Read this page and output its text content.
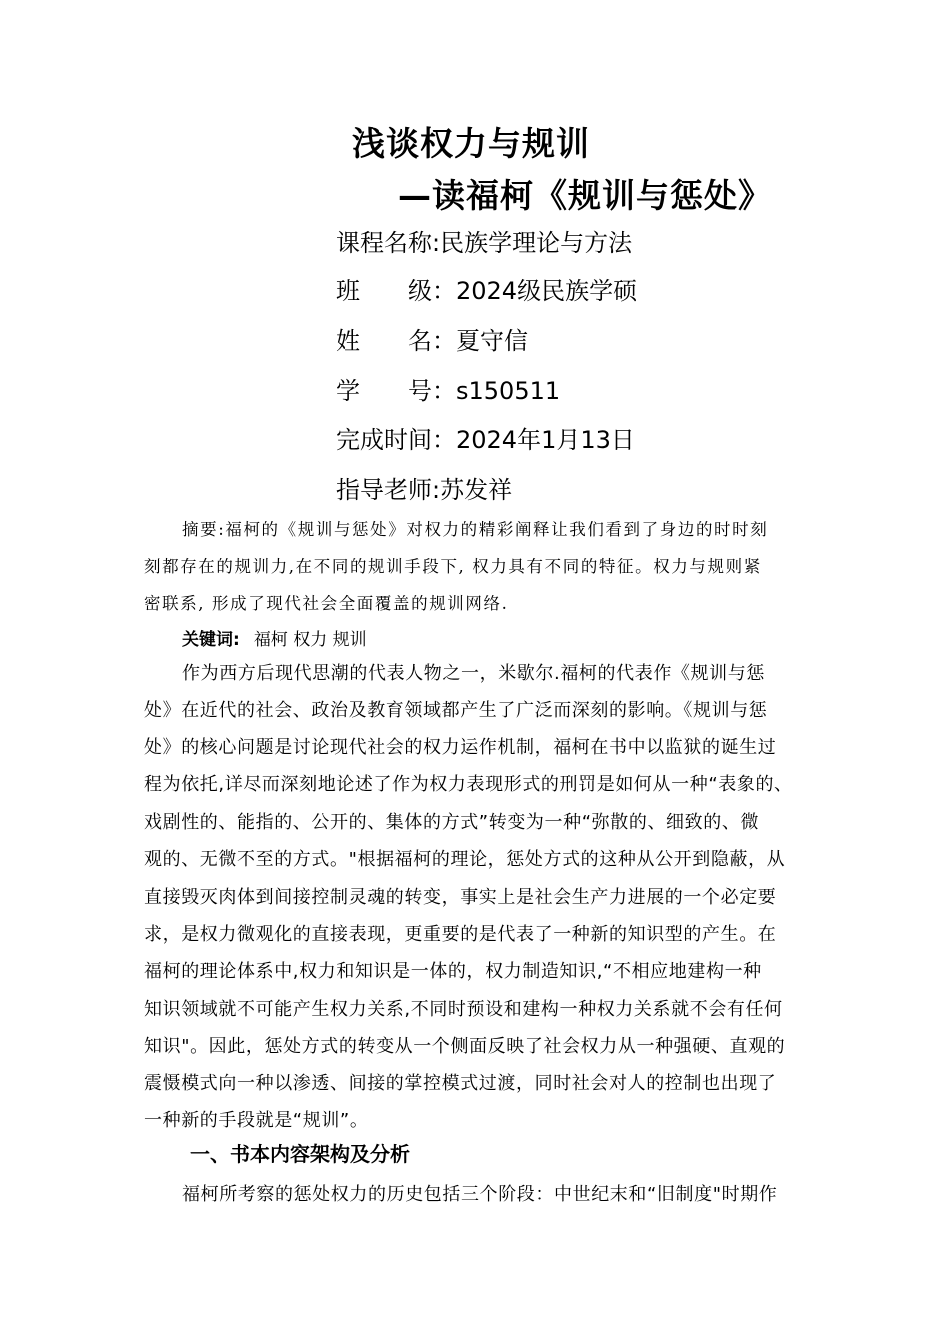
浅谈权力与规训
—读福柯《规训与惩处》
课程名称:民族学理论与方法
班　　级：2024级民族学硕
姓　　名：夏守信
学　　号：s150511
完成时间：2024年1月13日
指导老师:苏发祥
摘要:福柯的《规训与惩处》对权力的精彩阐释让我们看到了身边的时时刻
刻都存在的规训力,在不同的规训手段下, 权力具有不同的特征。权力与规则紧
密联系, 形成了现代社会全面覆盖的规训网络.
关键词: 福柯 权力 规训
作为西方后现代思潮的代表人物之一，米歇尔.福柯的代表作《规训与惩
处》在近代的社会、政治及教育领域都产生了广泛而深刻的影响。《规训与惩
处》的核心问题是讨论现代社会的权力运作机制，福柯在书中以监狱的诞生过
程为依托,详尽而深刻地论述了作为权力表现形式的刑罚是如何从一种“表象的、
戏剧性的、能指的、公开的、集体的方式”转变为一种“弥散的、细致的、微
观的、无微不至的方式。"根据福柯的理论，惩处方式的这种从公开到隐蔽，从
直接毁灭肉体到间接控制灵魂的转变，事实上是社会生产力进展的一个必定要
求，是权力微观化的直接表现，更重要的是代表了一种新的知识型的产生。在
福柯的理论体系中,权力和知识是一体的，权力制造知识,“不相应地建构一种
知识领域就不可能产生权力关系,不同时预设和建构一种权力关系就不会有任何
知识"。因此，惩处方式的转变从一个侧面反映了社会权力从一种强硬、直观的
震慑模式向一种以渗透、间接的掌控模式过渡，同时社会对人的控制也出现了
一种新的手段就是“规训”。
一、书本内容架构及分析
福柯所考察的惩处权力的历史包括三个阶段：中世纪末和“旧制度"时期作
